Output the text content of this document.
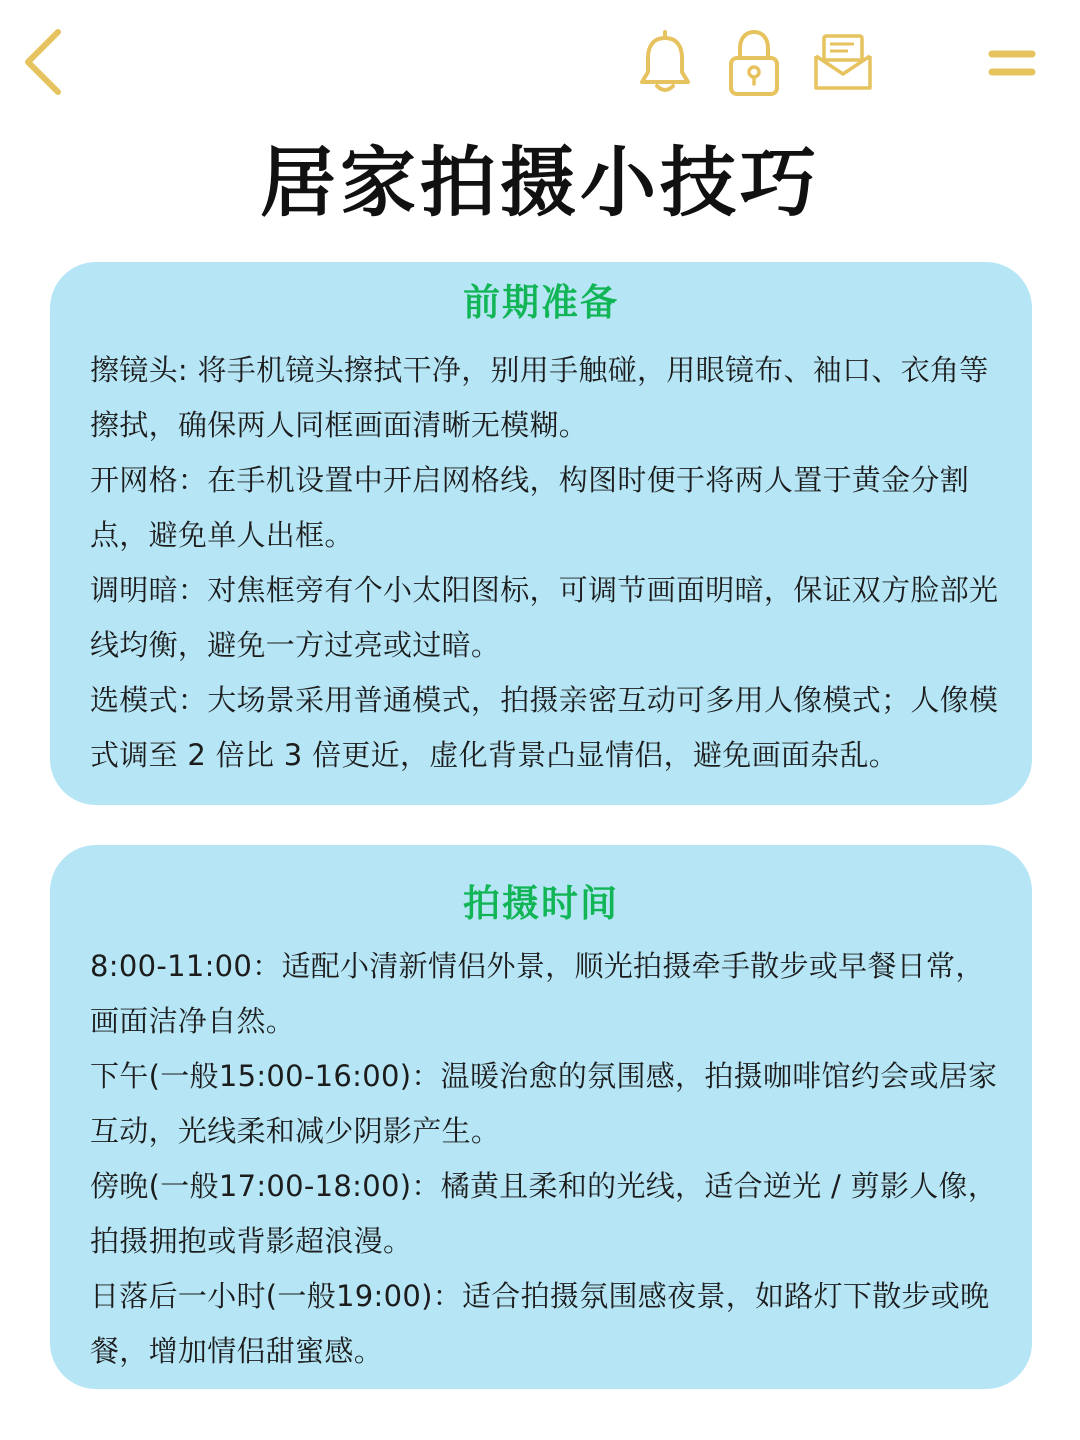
居家拍摄小技巧
前期准备

擦镜头: 将手机镜头擦拭干净，别用手触碰，用眼镜布、袖口、衣角等擦拭，确保两人同框画面清晰无模糊。

开网格：在手机设置中开启网格线，构图时便于将两人置于黄金分割点，避免单人出框。

调明暗：对焦框旁有个小太阳图标，可调节画面明暗，保证双方脸部光线均衡，避免一方过亮或过暗。

选模式：大场景采用普通模式，拍摄亲密互动可多用人像模式；人像模式调至 2 倍比 3 倍更近，虚化背景凸显情侣，避免画面杂乱。

拍摄时间

8:00-11:00：适配小清新情侣外景，顺光拍摄牵手散步或早餐日常，画面洁净自然。

下午(一般15:00-16:00)：温暖治愈的氛围感，拍摄咖啡馆约会或居家互动，光线柔和减少阴影产生。

傍晚(一般17:00-18:00)：橘黄且柔和的光线，适合逆光 / 剪影人像，拍摄拥抱或背影超浪漫。

日落后一小时(一般19:00)：适合拍摄氛围感夜景，如路灯下散步或晚餐，增加情侣甜蜜感。
